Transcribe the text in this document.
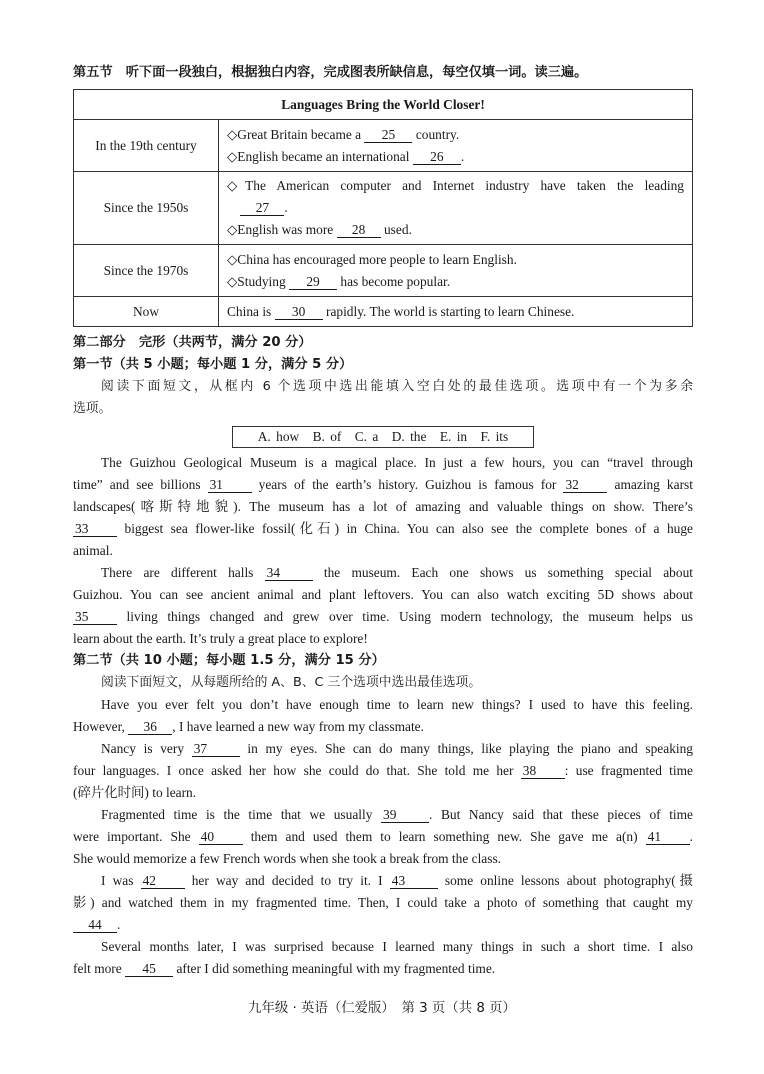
第五节　听下面一段独白，根据独白内容，完成图表所缺信息，每空仅填一词。读三遍。
Languages Bring the World Closer!	
In the 19th century	◇Great Britain became a 25 country.
◇English became an international 26 .

Since the 1950s	◇The American computer and Internet industry have taken the leading
27 .
◇English was more 28 used.

Since the 1970s	◇China has encouraged more people to learn English.
◇Studying 29 has become popular.

Now	China is 30 rapidly. The world is starting to learn Chinese.
第二部分　完形（共两节，满分 20 分）
第一节（共 5 小题；每小题 1 分，满分 5 分）
阅读下面短文，从框内 6 个选项中选出能填入空白处的最佳选项。选项中有一个为多余
选项。
A. how　B. of　C. a　D. the　E. in　F. its
The Guizhou Geological Museum is a magical place. In just a few hours, you can “travel through
time” and see billions 31	years of the earth’s history. Guizhou is famous for 32	amazing karst
landscapes(喀斯特地貌). The museum has a lot of amazing and valuable things on show. There’s
33	biggest sea flower-like fossil(化石) in China. You can also see the complete bones of a huge
animal.
There are different halls 34	the museum. Each one shows us something special about
Guizhou. You can see ancient animal and plant leftovers. You can also watch exciting 5D shows about
35	living things changed and grew over time. Using modern technology, the museum helps us
learn about the earth. It’s truly a great place to explore!
第二节（共 10 小题；每小题 1.5 分，满分 15 分）
阅读下面短文，从每题所给的 A、B、C 三个选项中选出最佳选项。
Have you ever felt you don’t have enough time to learn new things? I used to have this feeling.
However, 36 , I have learned a new way from my classmate.
Nancy is very 37	in my eyes. She can do many things, like playing the piano and speaking
four languages. I once asked her how she could do that. She told me her 38 : use fragmented time
(碎片化时间) to learn.
Fragmented time is the time that we usually 39 . But Nancy said that these pieces of time
were important. She 40	them and used them to learn something new. She gave me a(n) 41 .
She would memorize a few French words when she took a break from the class.
I was 42	her way and decided to try it. I 43	some online lessons about photography(摄
影) and watched them in my fragmented time. Then, I could take a photo of something that caught my
44 .
Several months later, I was surprised because I learned many things in such a short time. I also
felt more 45 after I did something meaningful with my fragmented time.
九年级 · 英语（仁爱版）　第 3 页（共 8 页）
